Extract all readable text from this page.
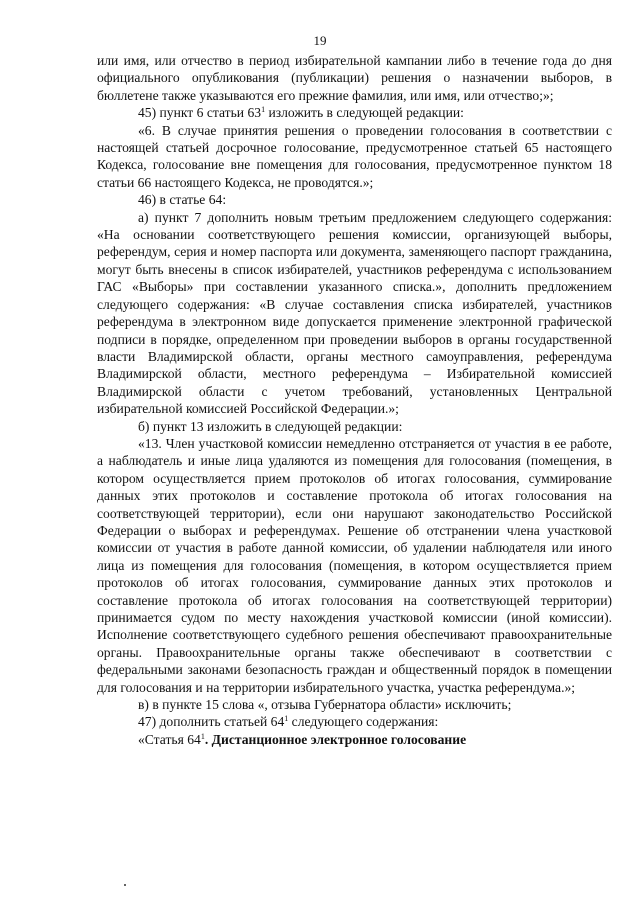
19

или имя, или отчество в период избирательной кампании либо в течение года до дня официального опубликования (публикации) решения о назначении выборов, в бюллетене также указываются его прежние фамилия, или имя, или отчество;»;

45) пункт 6 статьи $63^1$ изложить в следующей редакции:

«6. В случае принятия решения о проведении голосования в соответствии с настоящей статьей досрочное голосование, предусмотренное статьей 65 настоящего Кодекса, голосование вне помещения для голосования, предусмотренное пунктом 18 статьи 66 настоящего Кодекса, не проводятся.»;

46) в статье 64:

а) пункт 7 дополнить новым третьим предложением следующего содержания: «На основании соответствующего решения комиссии, организующей выборы, референдум, серия и номер паспорта или документа, заменяющего паспорт гражданина, могут быть внесены в список избирателей, участников референдума с использованием ГАС «Выборы» при составлении указанного списка.», дополнить предложением следующего содержания: «В случае составления списка избирателей, участников референдума в электронном виде допускается применение электронной графической подписи в порядке, определенном при проведении выборов в органы государственной власти Владимирской области, органы местного самоуправления, референдума Владимирской области, местного референдума – Избирательной комиссией Владимирской области с учетом требований, установленных Центральной избирательной комиссией Российской Федерации.»;

б) пункт 13 изложить в следующей редакции:

«13. Член участковой комиссии немедленно отстраняется от участия в ее работе, а наблюдатель и иные лица удаляются из помещения для голосования (помещения, в котором осуществляется прием протоколов об итогах голосования, суммирование данных этих протоколов и составление протокола об итогах голосования на соответствующей территории), если они нарушают законодательство Российской Федерации о выборах и референдумах. Решение об отстранении члена участковой комиссии от участия в работе данной комиссии, об удалении наблюдателя или иного лица из помещения для голосования (помещения, в котором осуществляется прием протоколов об итогах голосования, суммирование данных этих протоколов и составление протокола об итогах голосования на соответствующей территории) принимается судом по месту нахождения участковой комиссии (иной комиссии). Исполнение соответствующего судебного решения обеспечивают правоохранительные органы. Правоохранительные органы также обеспечивают в соответствии с федеральными законами безопасность граждан и общественный порядок в помещении для голосования и на территории избирательного участка, участка референдума.»;

в) в пункте 15 слова «, отзыва Губернатора области» исключить;

47) дополнить статьей $64^1$ следующего содержания:

«Статья $64^1$. Дистанционное электронное голосование
